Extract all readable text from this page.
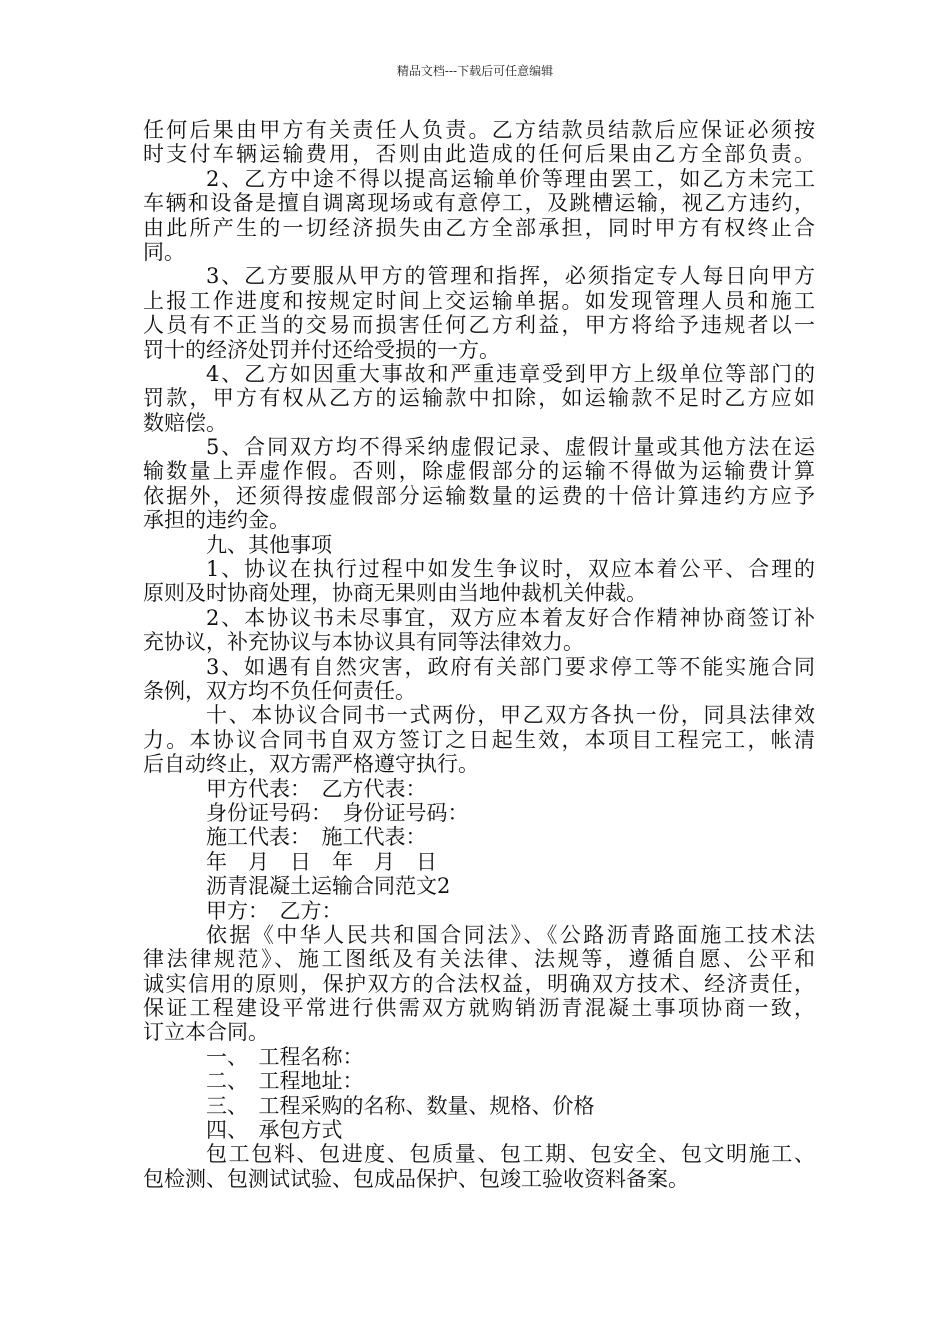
精品文档---下载后可任意编辑
任何后果由甲方有关责任人负责。乙方结款员结款后应保证必须按
时支付车辆运输费用，否则由此造成的任何后果由乙方全部负责。
2、乙方中途不得以提高运输单价等理由罢工，如乙方未完工
车辆和设备是擅自调离现场或有意停工，及跳槽运输，视乙方违约，
由此所产生的一切经济损失由乙方全部承担，同时甲方有权终止合
同。
3、乙方要服从甲方的管理和指挥，必须指定专人每日向甲方
上报工作进度和按规定时间上交运输单据。如发现管理人员和施工
人员有不正当的交易而损害任何乙方利益，甲方将给予违规者以一
罚十的经济处罚并付还给受损的一方。
4、乙方如因重大事故和严重违章受到甲方上级单位等部门的
罚款，甲方有权从乙方的运输款中扣除，如运输款不足时乙方应如
数赔偿。
5、合同双方均不得采纳虚假记录、虚假计量或其他方法在运
输数量上弄虚作假。否则，除虚假部分的运输不得做为运输费计算
依据外，还须得按虚假部分运输数量的运费的十倍计算违约方应予
承担的违约金。
九、其他事项
1、协议在执行过程中如发生争议时，双应本着公平、合理的
原则及时协商处理，协商无果则由当地仲裁机关仲裁。
2、本协议书未尽事宜，双方应本着友好合作精神协商签订补
充协议，补充协议与本协议具有同等法律效力。
3、如遇有自然灾害，政府有关部门要求停工等不能实施合同
条例，双方均不负任何责任。
十、本协议合同书一式两份，甲乙双方各执一份，同具法律效
力。本协议合同书自双方签订之日起生效，本项目工程完工，帐清
后自动终止，双方需严格遵守执行。
甲方代表：　乙方代表：
身份证号码：　身份证号码：
施工代表：　施工代表：
年　月　日　年　月　日
沥青混凝土运输合同范文2
甲方：　乙方：
依据《中华人民共和国合同法》、《公路沥青路面施工技术法
律法律规范》、施工图纸及有关法律、法规等，遵循自愿、公平和
诚实信用的原则，保护双方的合法权益，明确双方技术、经济责任，
保证工程建设平常进行供需双方就购销沥青混凝土事项协商一致，
订立本合同。
一、　工程名称：
二、　工程地址：
三、　工程采购的名称、数量、规格、价格
四、　承包方式
包工包料、包进度、包质量、包工期、包安全、包文明施工、
包检测、包测试试验、包成品保护、包竣工验收资料备案。
